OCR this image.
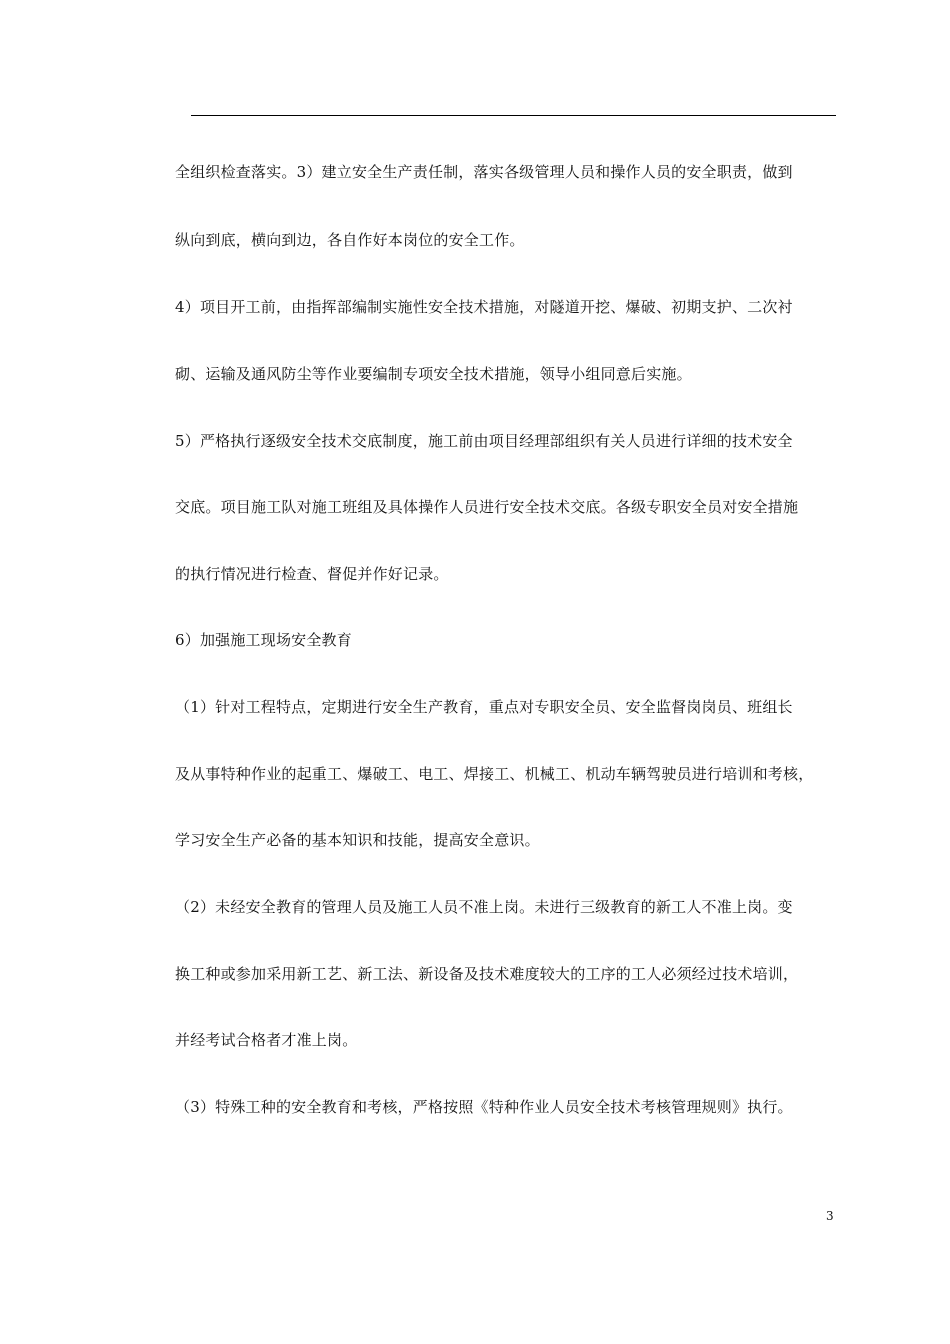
全组织检查落实。3）建立安全生产责任制，落实各级管理人员和操作人员的安全职责，做到
纵向到底，横向到边，各自作好本岗位的安全工作。
4）项目开工前，由指挥部编制实施性安全技术措施，对隧道开挖、爆破、初期支护、二次衬
砌、运输及通风防尘等作业要编制专项安全技术措施，领导小组同意后实施。
5）严格执行逐级安全技术交底制度，施工前由项目经理部组织有关人员进行详细的技术安全
交底。项目施工队对施工班组及具体操作人员进行安全技术交底。各级专职安全员对安全措施
的执行情况进行检查、督促并作好记录。
6）加强施工现场安全教育
（1）针对工程特点，定期进行安全生产教育，重点对专职安全员、安全监督岗岗员、班组长
及从事特种作业的起重工、爆破工、电工、焊接工、机械工、机动车辆驾驶员进行培训和考核，
学习安全生产必备的基本知识和技能，提高安全意识。
（2）未经安全教育的管理人员及施工人员不准上岗。未进行三级教育的新工人不准上岗。变
换工种或参加采用新工艺、新工法、新设备及技术难度较大的工序的工人必须经过技术培训，
并经考试合格者才准上岗。
（3）特殊工种的安全教育和考核，严格按照《特种作业人员安全技术考核管理规则》执行。
3
